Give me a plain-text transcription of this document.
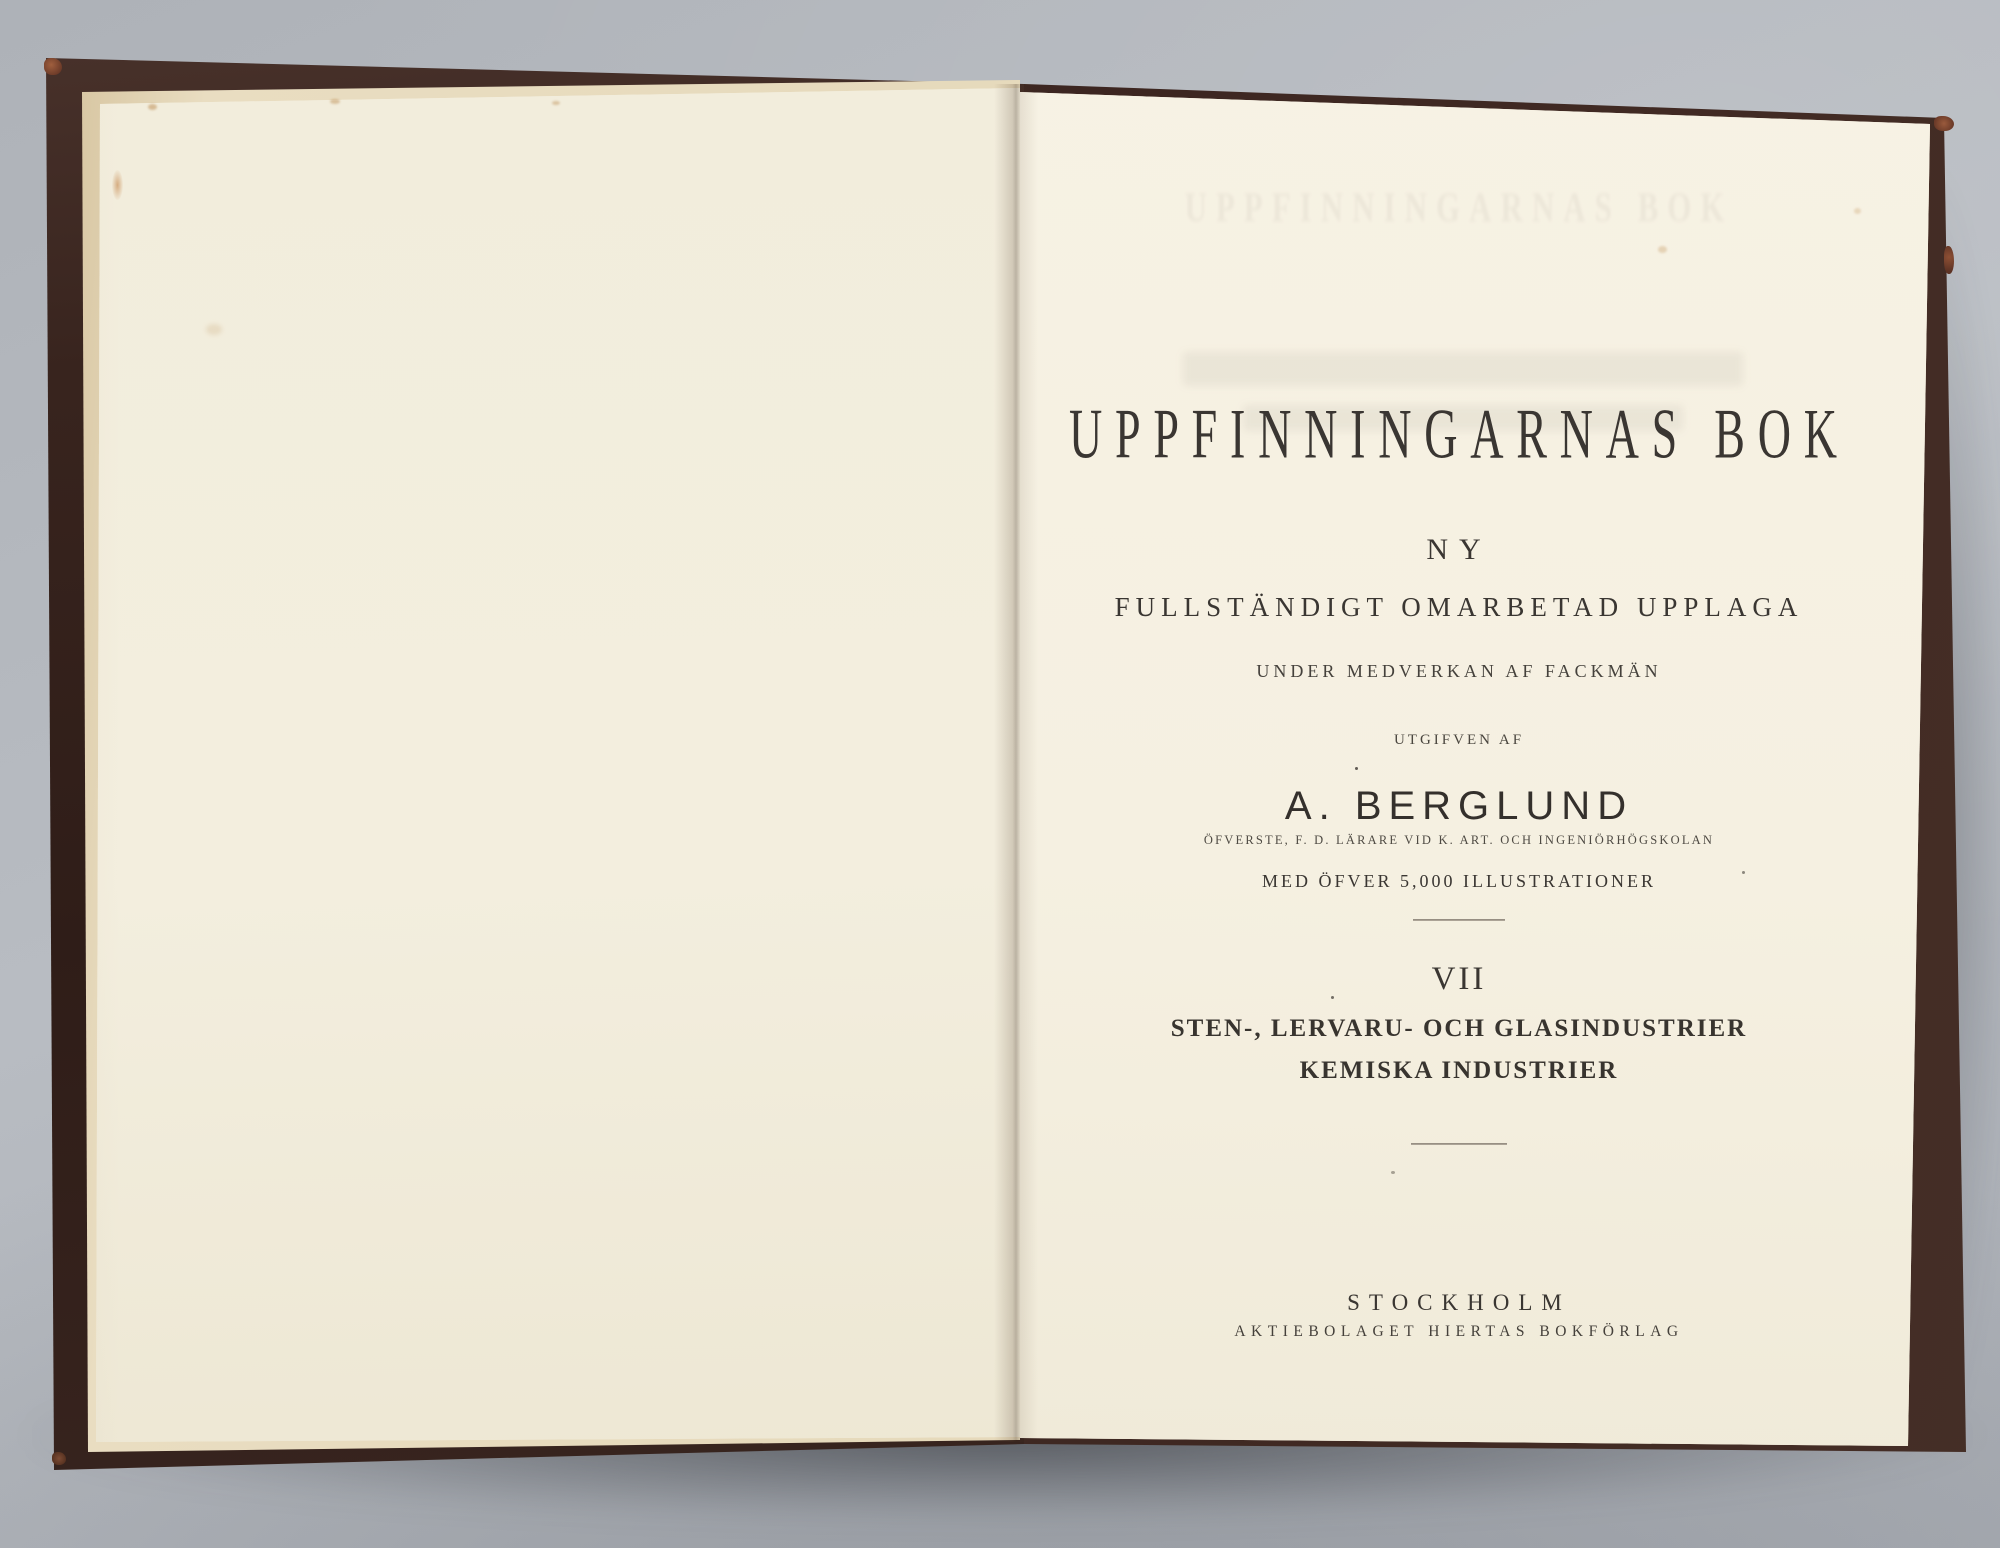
UPPFINNINGARNAS BOK
UPPFINNINGARNAS BOK
NY
FULLSTÄNDIGT OMARBETAD UPPLAGA
UNDER MEDVERKAN AF FACKMÄN
UTGIFVEN AF
A. BERGLUND
ÖFVERSTE, F. D. LÄRARE VID K. ART. OCH INGENIÖRHÖGSKOLAN
MED ÖFVER 5,000 ILLUSTRATIONER
VII
STEN-, LERVARU- OCH GLASINDUSTRIER
KEMISKA INDUSTRIER
STOCKHOLM
AKTIEBOLAGET HIERTAS BOKFÖRLAG
